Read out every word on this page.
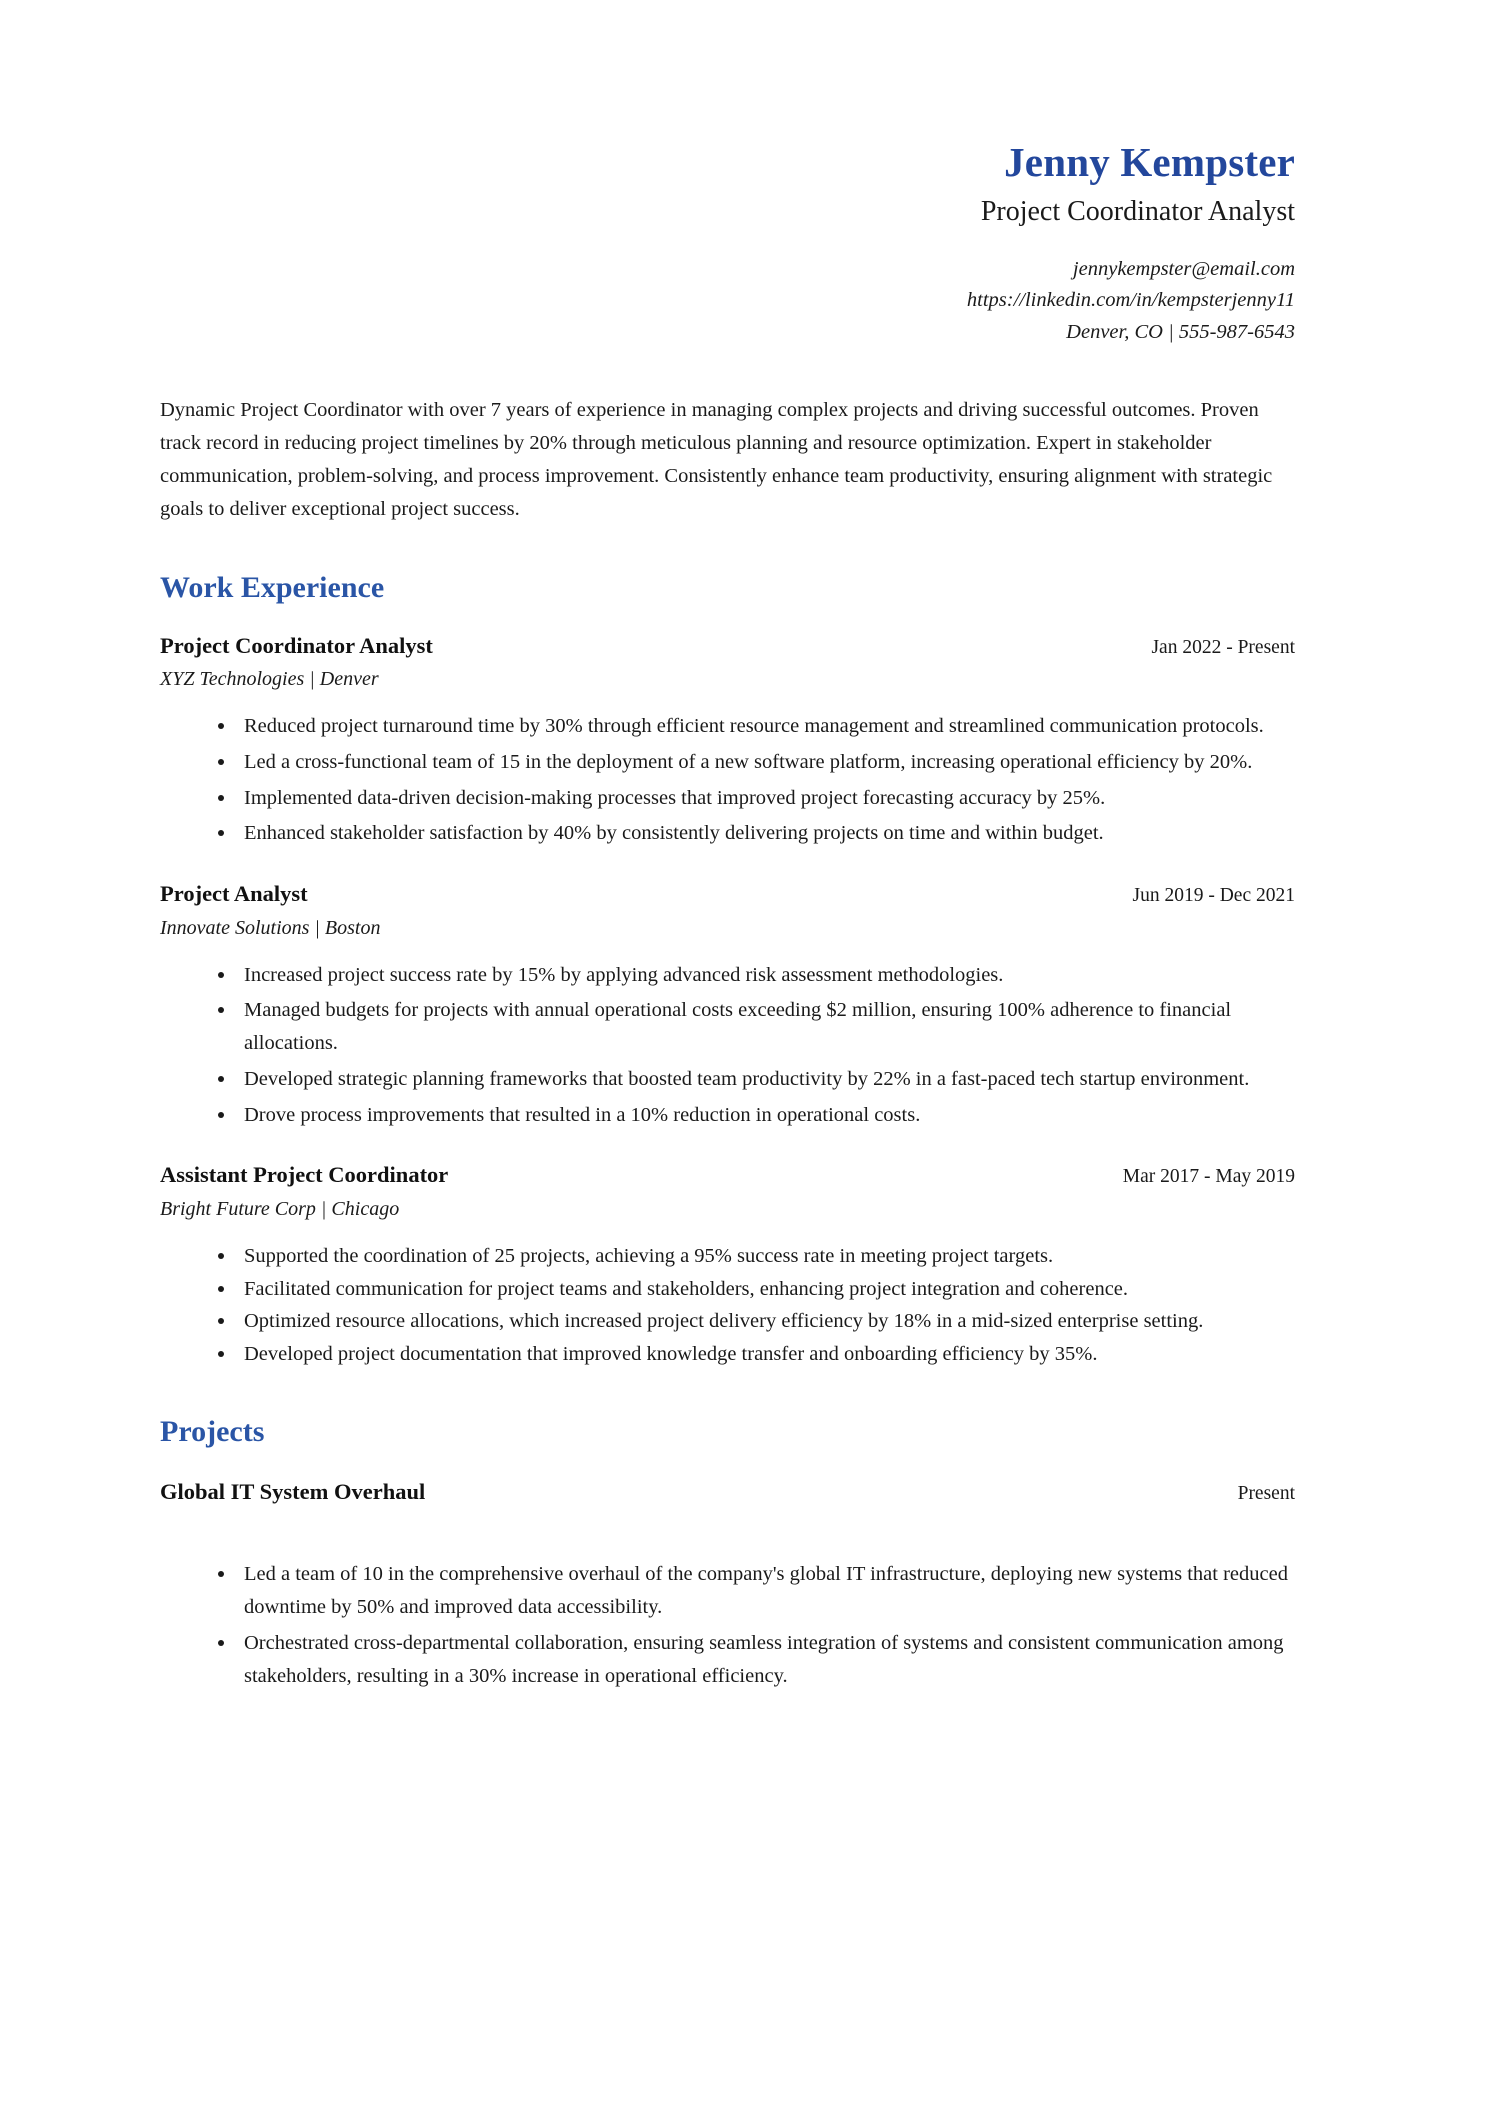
Jenny Kempster
Project Coordinator Analyst
jennykempster@email.com
https://linkedin.com/in/kempsterjenny11
Denver, CO | 555-987-6543
Dynamic Project Coordinator with over 7 years of experience in managing complex projects and driving successful outcomes. Proven track record in reducing project timelines by 20% through meticulous planning and resource optimization. Expert in stakeholder communication, problem-solving, and process improvement. Consistently enhance team productivity, ensuring alignment with strategic goals to deliver exceptional project success.
Work Experience
Project Coordinator Analyst	Jan 2022 - Present
XYZ Technologies | Denver
Reduced project turnaround time by 30% through efficient resource management and streamlined communication protocols.
Led a cross-functional team of 15 in the deployment of a new software platform, increasing operational efficiency by 20%.
Implemented data-driven decision-making processes that improved project forecasting accuracy by 25%.
Enhanced stakeholder satisfaction by 40% by consistently delivering projects on time and within budget.
Project Analyst	Jun 2019 - Dec 2021
Innovate Solutions | Boston
Increased project success rate by 15% by applying advanced risk assessment methodologies.
Managed budgets for projects with annual operational costs exceeding $2 million, ensuring 100% adherence to financial allocations.
Developed strategic planning frameworks that boosted team productivity by 22% in a fast-paced tech startup environment.
Drove process improvements that resulted in a 10% reduction in operational costs.
Assistant Project Coordinator	Mar 2017 - May 2019
Bright Future Corp | Chicago
Supported the coordination of 25 projects, achieving a 95% success rate in meeting project targets.
Facilitated communication for project teams and stakeholders, enhancing project integration and coherence.
Optimized resource allocations, which increased project delivery efficiency by 18% in a mid-sized enterprise setting.
Developed project documentation that improved knowledge transfer and onboarding efficiency by 35%.
Projects
Global IT System Overhaul	Present
Led a team of 10 in the comprehensive overhaul of the company's global IT infrastructure, deploying new systems that reduced downtime by 50% and improved data accessibility.
Orchestrated cross-departmental collaboration, ensuring seamless integration of systems and consistent communication among stakeholders, resulting in a 30% increase in operational efficiency.
